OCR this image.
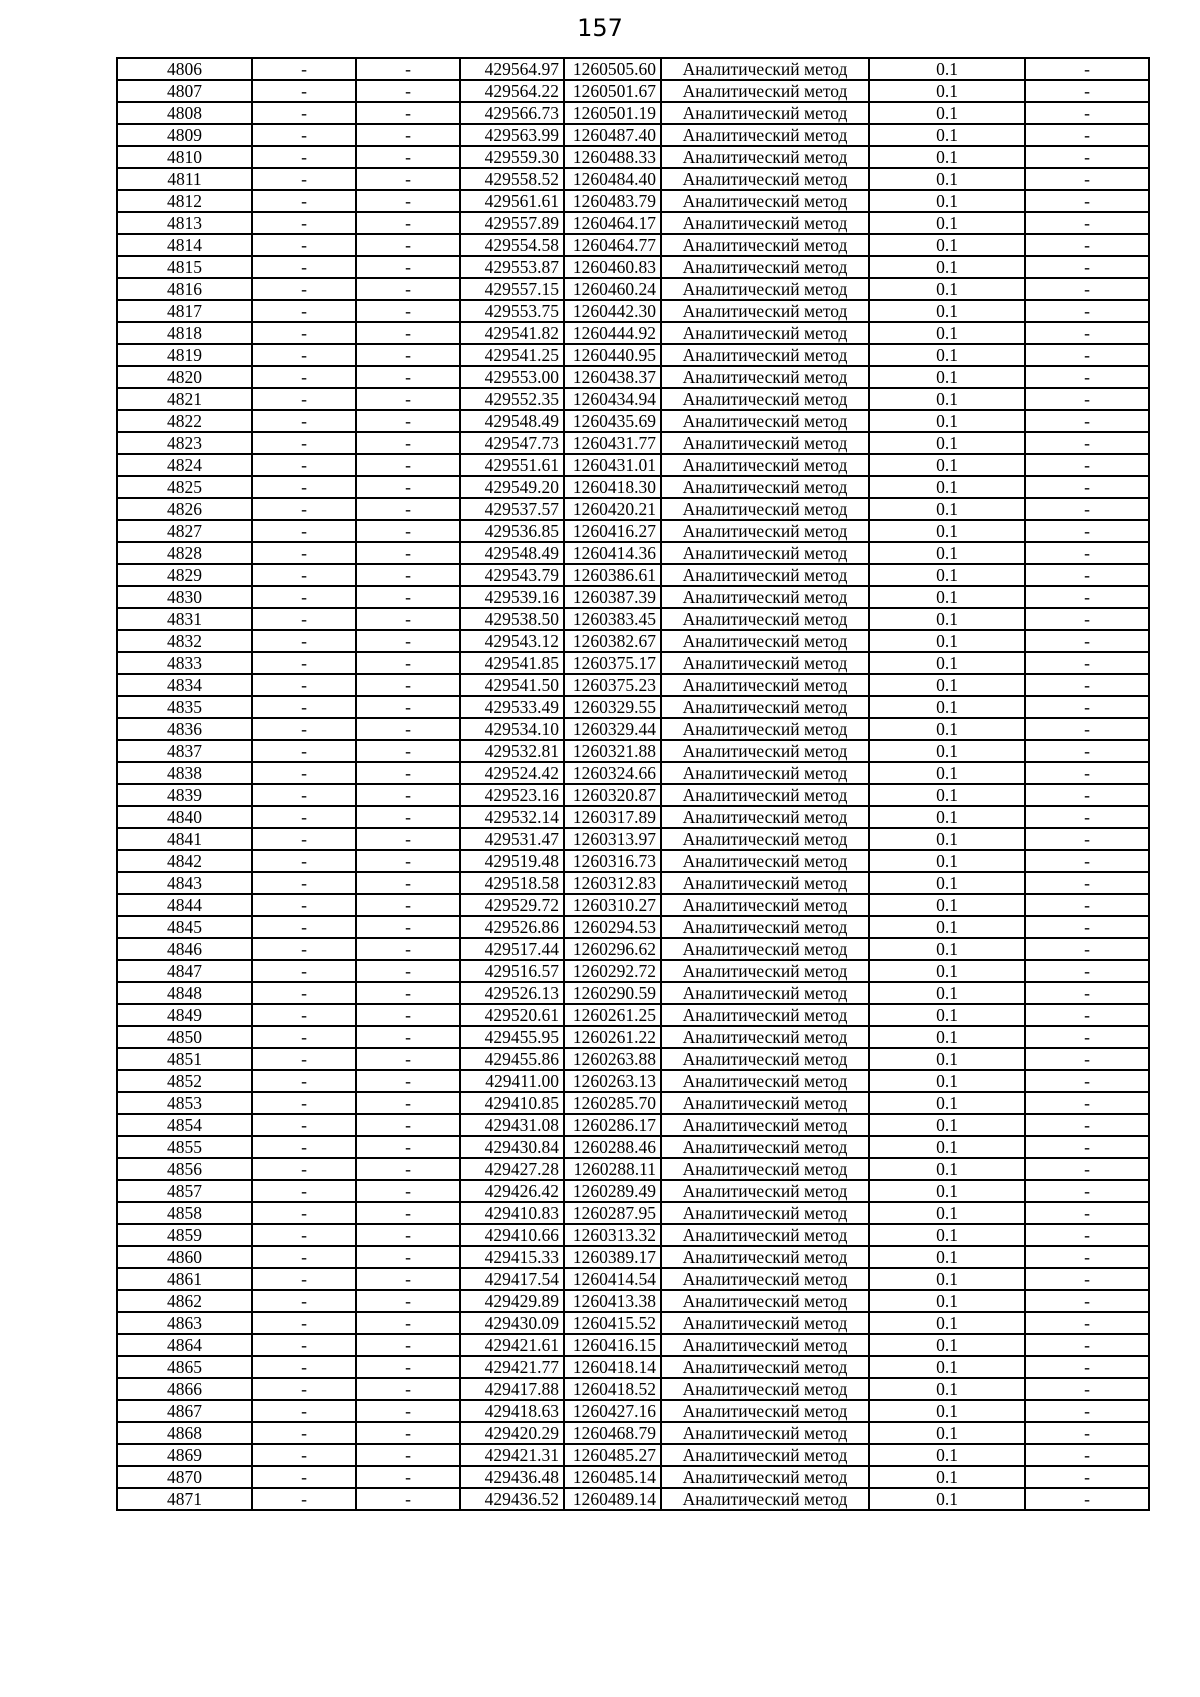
157
4806	-	-	429564.97	1260505.60	Аналитический метод	0.1	-
4807	-	-	429564.22	1260501.67	Аналитический метод	0.1	-
4808	-	-	429566.73	1260501.19	Аналитический метод	0.1	-
4809	-	-	429563.99	1260487.40	Аналитический метод	0.1	-
4810	-	-	429559.30	1260488.33	Аналитический метод	0.1	-
4811	-	-	429558.52	1260484.40	Аналитический метод	0.1	-
4812	-	-	429561.61	1260483.79	Аналитический метод	0.1	-
4813	-	-	429557.89	1260464.17	Аналитический метод	0.1	-
4814	-	-	429554.58	1260464.77	Аналитический метод	0.1	-
4815	-	-	429553.87	1260460.83	Аналитический метод	0.1	-
4816	-	-	429557.15	1260460.24	Аналитический метод	0.1	-
4817	-	-	429553.75	1260442.30	Аналитический метод	0.1	-
4818	-	-	429541.82	1260444.92	Аналитический метод	0.1	-
4819	-	-	429541.25	1260440.95	Аналитический метод	0.1	-
4820	-	-	429553.00	1260438.37	Аналитический метод	0.1	-
4821	-	-	429552.35	1260434.94	Аналитический метод	0.1	-
4822	-	-	429548.49	1260435.69	Аналитический метод	0.1	-
4823	-	-	429547.73	1260431.77	Аналитический метод	0.1	-
4824	-	-	429551.61	1260431.01	Аналитический метод	0.1	-
4825	-	-	429549.20	1260418.30	Аналитический метод	0.1	-
4826	-	-	429537.57	1260420.21	Аналитический метод	0.1	-
4827	-	-	429536.85	1260416.27	Аналитический метод	0.1	-
4828	-	-	429548.49	1260414.36	Аналитический метод	0.1	-
4829	-	-	429543.79	1260386.61	Аналитический метод	0.1	-
4830	-	-	429539.16	1260387.39	Аналитический метод	0.1	-
4831	-	-	429538.50	1260383.45	Аналитический метод	0.1	-
4832	-	-	429543.12	1260382.67	Аналитический метод	0.1	-
4833	-	-	429541.85	1260375.17	Аналитический метод	0.1	-
4834	-	-	429541.50	1260375.23	Аналитический метод	0.1	-
4835	-	-	429533.49	1260329.55	Аналитический метод	0.1	-
4836	-	-	429534.10	1260329.44	Аналитический метод	0.1	-
4837	-	-	429532.81	1260321.88	Аналитический метод	0.1	-
4838	-	-	429524.42	1260324.66	Аналитический метод	0.1	-
4839	-	-	429523.16	1260320.87	Аналитический метод	0.1	-
4840	-	-	429532.14	1260317.89	Аналитический метод	0.1	-
4841	-	-	429531.47	1260313.97	Аналитический метод	0.1	-
4842	-	-	429519.48	1260316.73	Аналитический метод	0.1	-
4843	-	-	429518.58	1260312.83	Аналитический метод	0.1	-
4844	-	-	429529.72	1260310.27	Аналитический метод	0.1	-
4845	-	-	429526.86	1260294.53	Аналитический метод	0.1	-
4846	-	-	429517.44	1260296.62	Аналитический метод	0.1	-
4847	-	-	429516.57	1260292.72	Аналитический метод	0.1	-
4848	-	-	429526.13	1260290.59	Аналитический метод	0.1	-
4849	-	-	429520.61	1260261.25	Аналитический метод	0.1	-
4850	-	-	429455.95	1260261.22	Аналитический метод	0.1	-
4851	-	-	429455.86	1260263.88	Аналитический метод	0.1	-
4852	-	-	429411.00	1260263.13	Аналитический метод	0.1	-
4853	-	-	429410.85	1260285.70	Аналитический метод	0.1	-
4854	-	-	429431.08	1260286.17	Аналитический метод	0.1	-
4855	-	-	429430.84	1260288.46	Аналитический метод	0.1	-
4856	-	-	429427.28	1260288.11	Аналитический метод	0.1	-
4857	-	-	429426.42	1260289.49	Аналитический метод	0.1	-
4858	-	-	429410.83	1260287.95	Аналитический метод	0.1	-
4859	-	-	429410.66	1260313.32	Аналитический метод	0.1	-
4860	-	-	429415.33	1260389.17	Аналитический метод	0.1	-
4861	-	-	429417.54	1260414.54	Аналитический метод	0.1	-
4862	-	-	429429.89	1260413.38	Аналитический метод	0.1	-
4863	-	-	429430.09	1260415.52	Аналитический метод	0.1	-
4864	-	-	429421.61	1260416.15	Аналитический метод	0.1	-
4865	-	-	429421.77	1260418.14	Аналитический метод	0.1	-
4866	-	-	429417.88	1260418.52	Аналитический метод	0.1	-
4867	-	-	429418.63	1260427.16	Аналитический метод	0.1	-
4868	-	-	429420.29	1260468.79	Аналитический метод	0.1	-
4869	-	-	429421.31	1260485.27	Аналитический метод	0.1	-
4870	-	-	429436.48	1260485.14	Аналитический метод	0.1	-
4871	-	-	429436.52	1260489.14	Аналитический метод	0.1	-
